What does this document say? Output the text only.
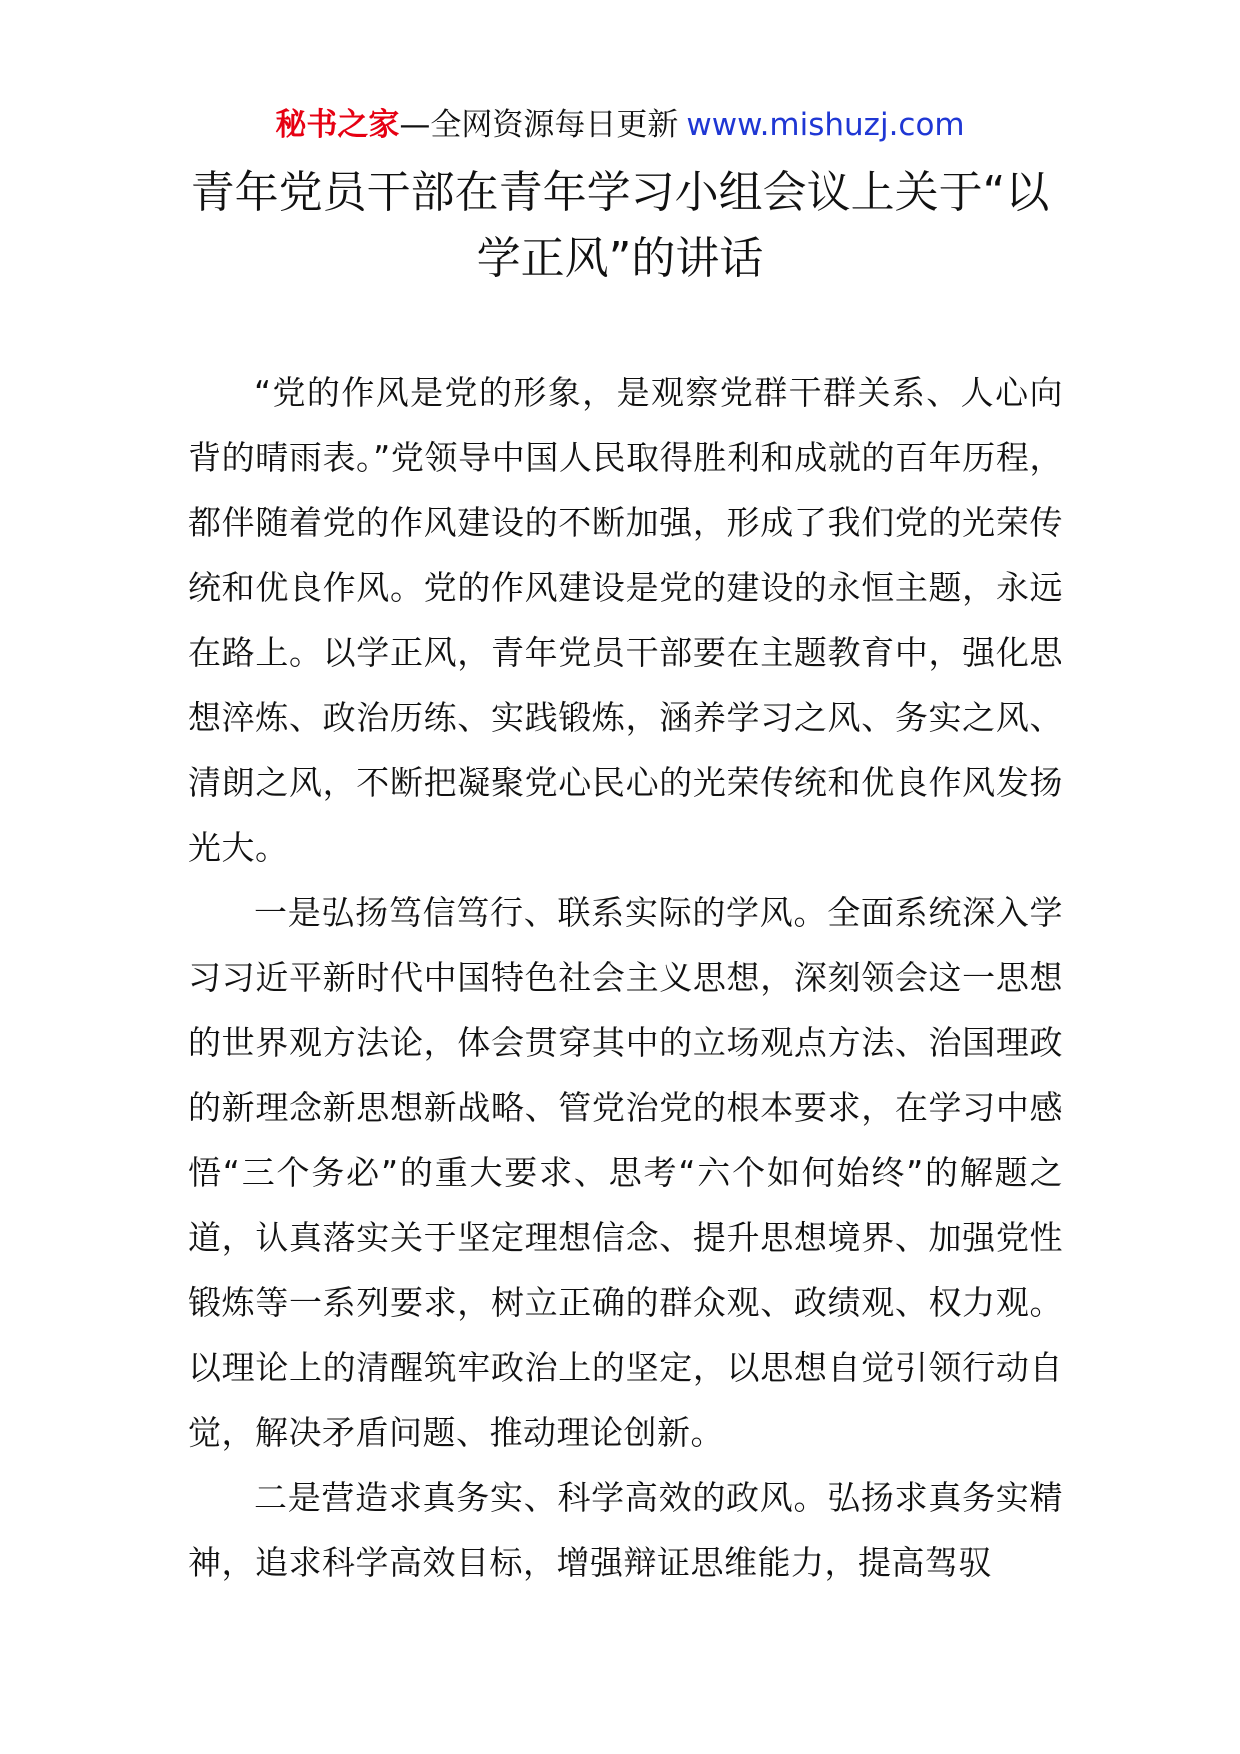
秘书之家—全网资源每日更新 www.mishuzj.com
青年党员干部在青年学习小组会议上关于“以学正风”的讲话

“党的作风是党的形象，是观察党群干群关系、人心向背的晴雨表。”党领导中国人民取得胜利和成就的百年历程，都伴随着党的作风建设的不断加强，形成了我们党的光荣传统和优良作风。党的作风建设是党的建设的永恒主题，永远在路上。以学正风，青年党员干部要在主题教育中，强化思想淬炼、政治历练、实践锻炼，涵养学习之风、务实之风、清朗之风，不断把凝聚党心民心的光荣传统和优良作风发扬光大。

一是弘扬笃信笃行、联系实际的学风。全面系统深入学习习近平新时代中国特色社会主义思想，深刻领会这一思想的世界观方法论，体会贯穿其中的立场观点方法、治国理政的新理念新思想新战略、管党治党的根本要求，在学习中感悟“三个务必”的重大要求、思考“六个如何始终”的解题之道，认真落实关于坚定理想信念、提升思想境界、加强党性锻炼等一系列要求，树立正确的群众观、政绩观、权力观。以理论上的清醒筑牢政治上的坚定，以思想自觉引领行动自觉，解决矛盾问题、推动理论创新。

二是营造求真务实、科学高效的政风。弘扬求真务实精神，追求科学高效目标，增强辩证思维能力，提高驾驭
